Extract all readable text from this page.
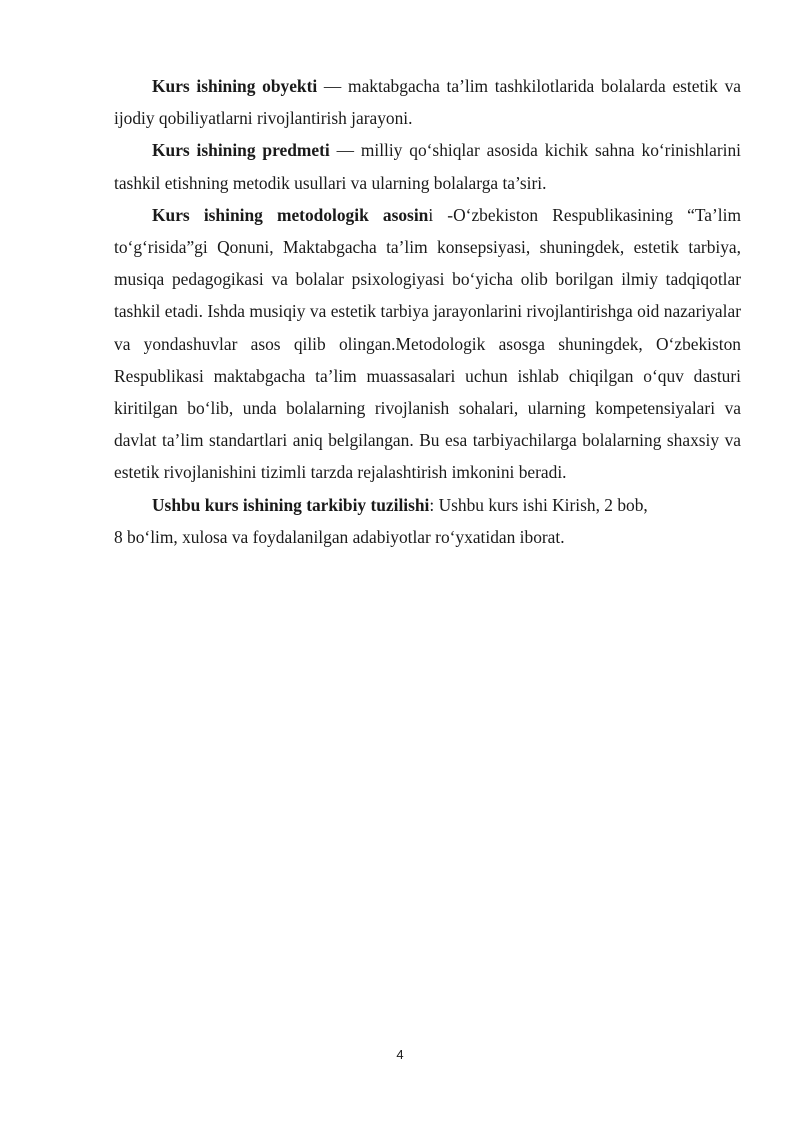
Kurs ishining obyekti — maktabgacha ta’lim tashkilotlarida bolalarda estetik va ijodiy qobiliyatlarni rivojlantirish jarayoni.

Kurs ishining predmeti — milliy qo‘shiqlar asosida kichik sahna ko‘rinishlarini tashkil etishning metodik usullari va ularning bolalarga ta’siri.

Kurs ishining metodologik asosini -O‘zbekiston Respublikasining “Ta’lim to‘g‘risida”gi Qonuni, Maktabgacha ta’lim konsepsiyasi, shuningdek, estetik tarbiya, musiqa pedagogikasi va bolalar psixologiyasi bo‘yicha olib borilgan ilmiy tadqiqotlar tashkil etadi. Ishda musiqiy va estetik tarbiya jarayonlarini rivojlantirishga oid nazariyalar va yondashuvlar asos qilib olingan.Metodologik asosga shuningdek, O‘zbekiston Respublikasi maktabgacha ta’lim muassasalari uchun ishlab chiqilgan o‘quv dasturi kiritilgan bo‘lib, unda bolalarning rivojlanish sohalari, ularning kompetensiyalari va davlat ta’lim standartlari aniq belgilangan. Bu esa tarbiyachilarga bolalarning shaxsiy va estetik rivojlanishini tizimli tarzda rejalashtirish imkonini beradi.

Ushbu kurs ishining tarkibiy tuzilishi: Ushbu kurs ishi Kirish, 2 bob,

8 bo‘lim, xulosa va foydalanilgan adabiyotlar ro‘yxatidan iborat.

4
